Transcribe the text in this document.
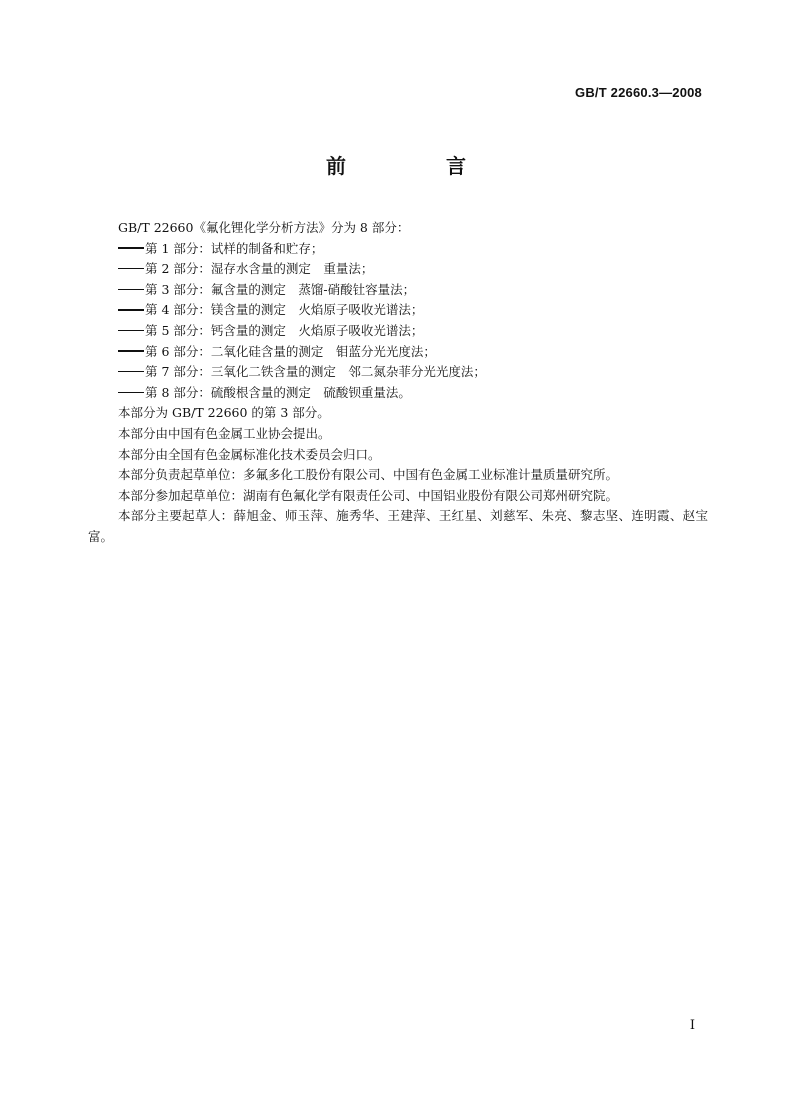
GB/T 22660.3—2008
前　言

GB/T 22660《氟化锂化学分析方法》分为 8 部分：

第 1 部分：试样的制备和贮存；

第 2 部分：湿存水含量的测定　重量法；

第 3 部分：氟含量的测定　蒸馏-硝酸钍容量法；

第 4 部分：镁含量的测定　火焰原子吸收光谱法；

第 5 部分：钙含量的测定　火焰原子吸收光谱法；

第 6 部分：二氧化硅含量的测定　钼蓝分光光度法；

第 7 部分：三氧化二铁含量的测定　邻二氮杂菲分光光度法；

第 8 部分：硫酸根含量的测定　硫酸钡重量法。

本部分为 GB/T 22660 的第 3 部分。

本部分由中国有色金属工业协会提出。

本部分由全国有色金属标准化技术委员会归口。

本部分负责起草单位：多氟多化工股份有限公司、中国有色金属工业标准计量质量研究所。

本部分参加起草单位：湖南有色氟化学有限责任公司、中国铝业股份有限公司郑州研究院。

本部分主要起草人：薛旭金、师玉萍、施秀华、王建萍、王红星、刘慈军、朱亮、黎志坚、连明霞、赵宝富。

I
